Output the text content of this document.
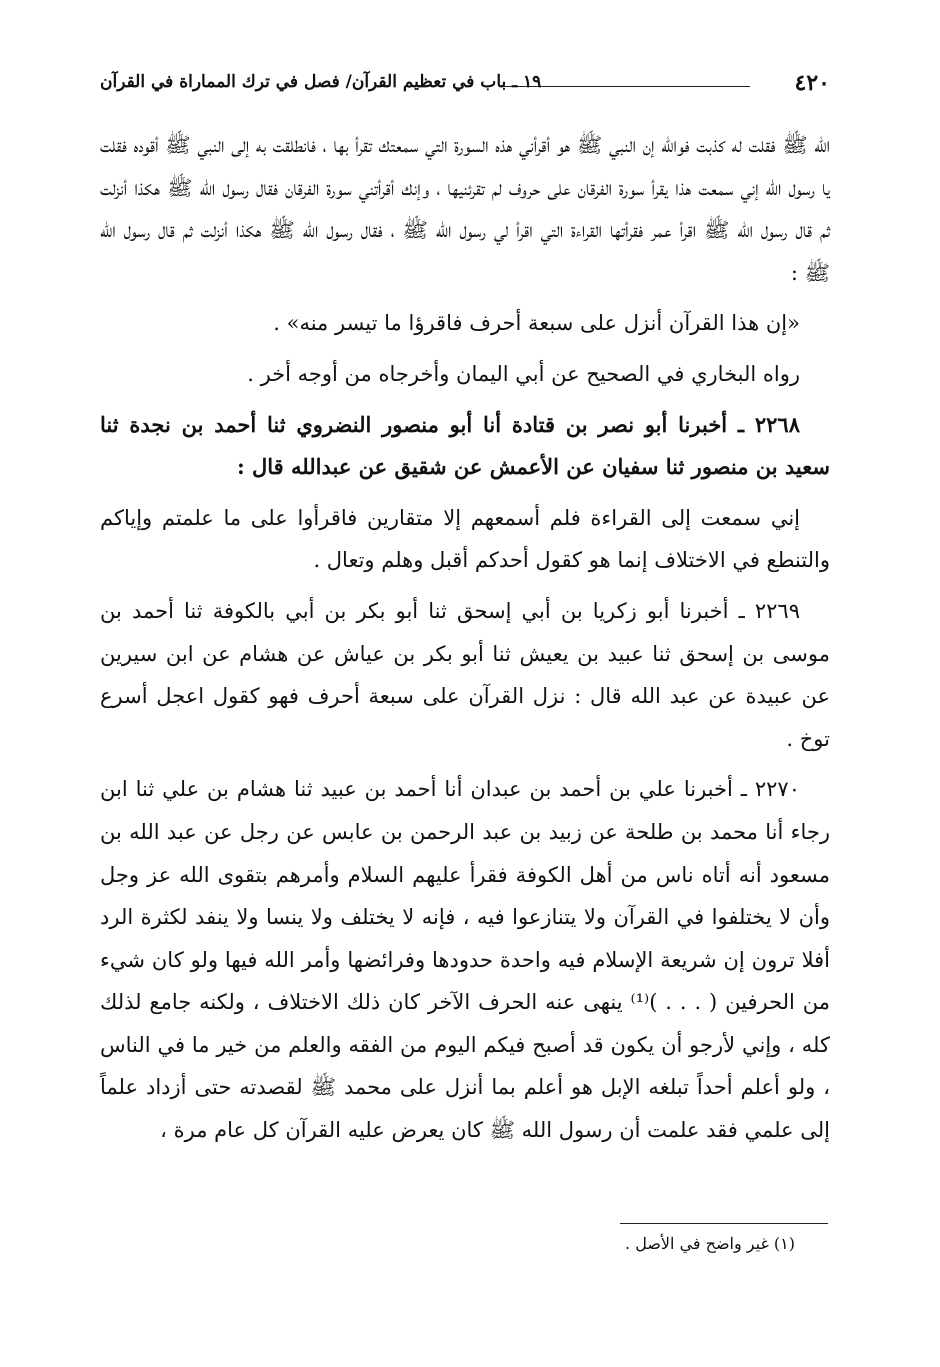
٤٢٠
١٩ ـ باب في تعظيم القرآن/ فصل في ترك المماراة في القرآن

الله ﷺ فقلت له كذبت فوالله إن النبي ﷺ هو أقرأني هذه السورة التي سمعتك تقرأ بها ، فانطلقت به إلى النبي ﷺ أقوده فقلت يا رسول الله إني سمعت هذا يقرأ سورة الفرقان على حروف لم تقرئنيها ، وإنك أقرأتني سورة الفرقان فقال رسول الله ﷺ هكذا أنزلت ثم قال رسول الله ﷺ اقرأ عمر فقرأتها القراءة التي اقرأ لي رسول الله ﷺ ، فقال رسول الله ﷺ هكذا أنزلت ثم قال رسول الله ﷺ :

«إن هذا القرآن أنزل على سبعة أحرف فاقرؤا ما تيسر منه» .

رواه البخاري في الصحيح عن أبي اليمان وأخرجاه من أوجه أخر .

٢٢٦٨ ـ أخبرنا أبو نصر بن قتادة أنا أبو منصور النضروي ثنا أحمد بن نجدة ثنا سعيد بن منصور ثنا سفيان عن الأعمش عن شقيق عن عبدالله قال :

إني سمعت إلى القراءة فلم أسمعهم إلا متقارين فاقرأوا على ما علمتم وإياكم والتنطع في الاختلاف إنما هو كقول أحدكم أقبل وهلم وتعال .

٢٢٦٩ ـ أخبرنا أبو زكريا بن أبي إسحق ثنا أبو بكر بن أبي بالكوفة ثنا أحمد بن موسى بن إسحق ثنا عبيد بن يعيش ثنا أبو بكر بن عياش عن هشام عن ابن سيرين عن عبيدة عن عبد الله قال : نزل القرآن على سبعة أحرف فهو كقول اعجل أسرع توخ .

٢٢٧٠ ـ أخبرنا علي بن أحمد بن عبدان أنا أحمد بن عبيد ثنا هشام بن علي ثنا ابن رجاء أنا محمد بن طلحة عن زبيد بن عبد الرحمن بن عابس عن رجل عن عبد الله بن مسعود أنه أتاه ناس من أهل الكوفة فقرأ عليهم السلام وأمرهم بتقوى الله عز وجل وأن لا يختلفوا في القرآن ولا يتنازعوا فيه ، فإنه لا يختلف ولا ينسا ولا ينفد لكثرة الرد أفلا ترون إن شريعة الإسلام فيه واحدة حدودها وفرائضها وأمر الله فيها ولو كان شيء من الحرفين ( . . . )⁽¹⁾ ينهى عنه الحرف الآخر كان ذلك الاختلاف ، ولكنه جامع لذلك كله ، وإني لأرجو أن يكون قد أصبح فيكم اليوم من الفقه والعلم من خير ما في الناس ، ولو أعلم أحداً تبلغه الإبل هو أعلم بما أنزل على محمد ﷺ لقصدته حتى أزداد علماً إلى علمي فقد علمت أن رسول الله ﷺ كان يعرض عليه القرآن كل عام مرة ،

(١) غير واضح في الأصل .
